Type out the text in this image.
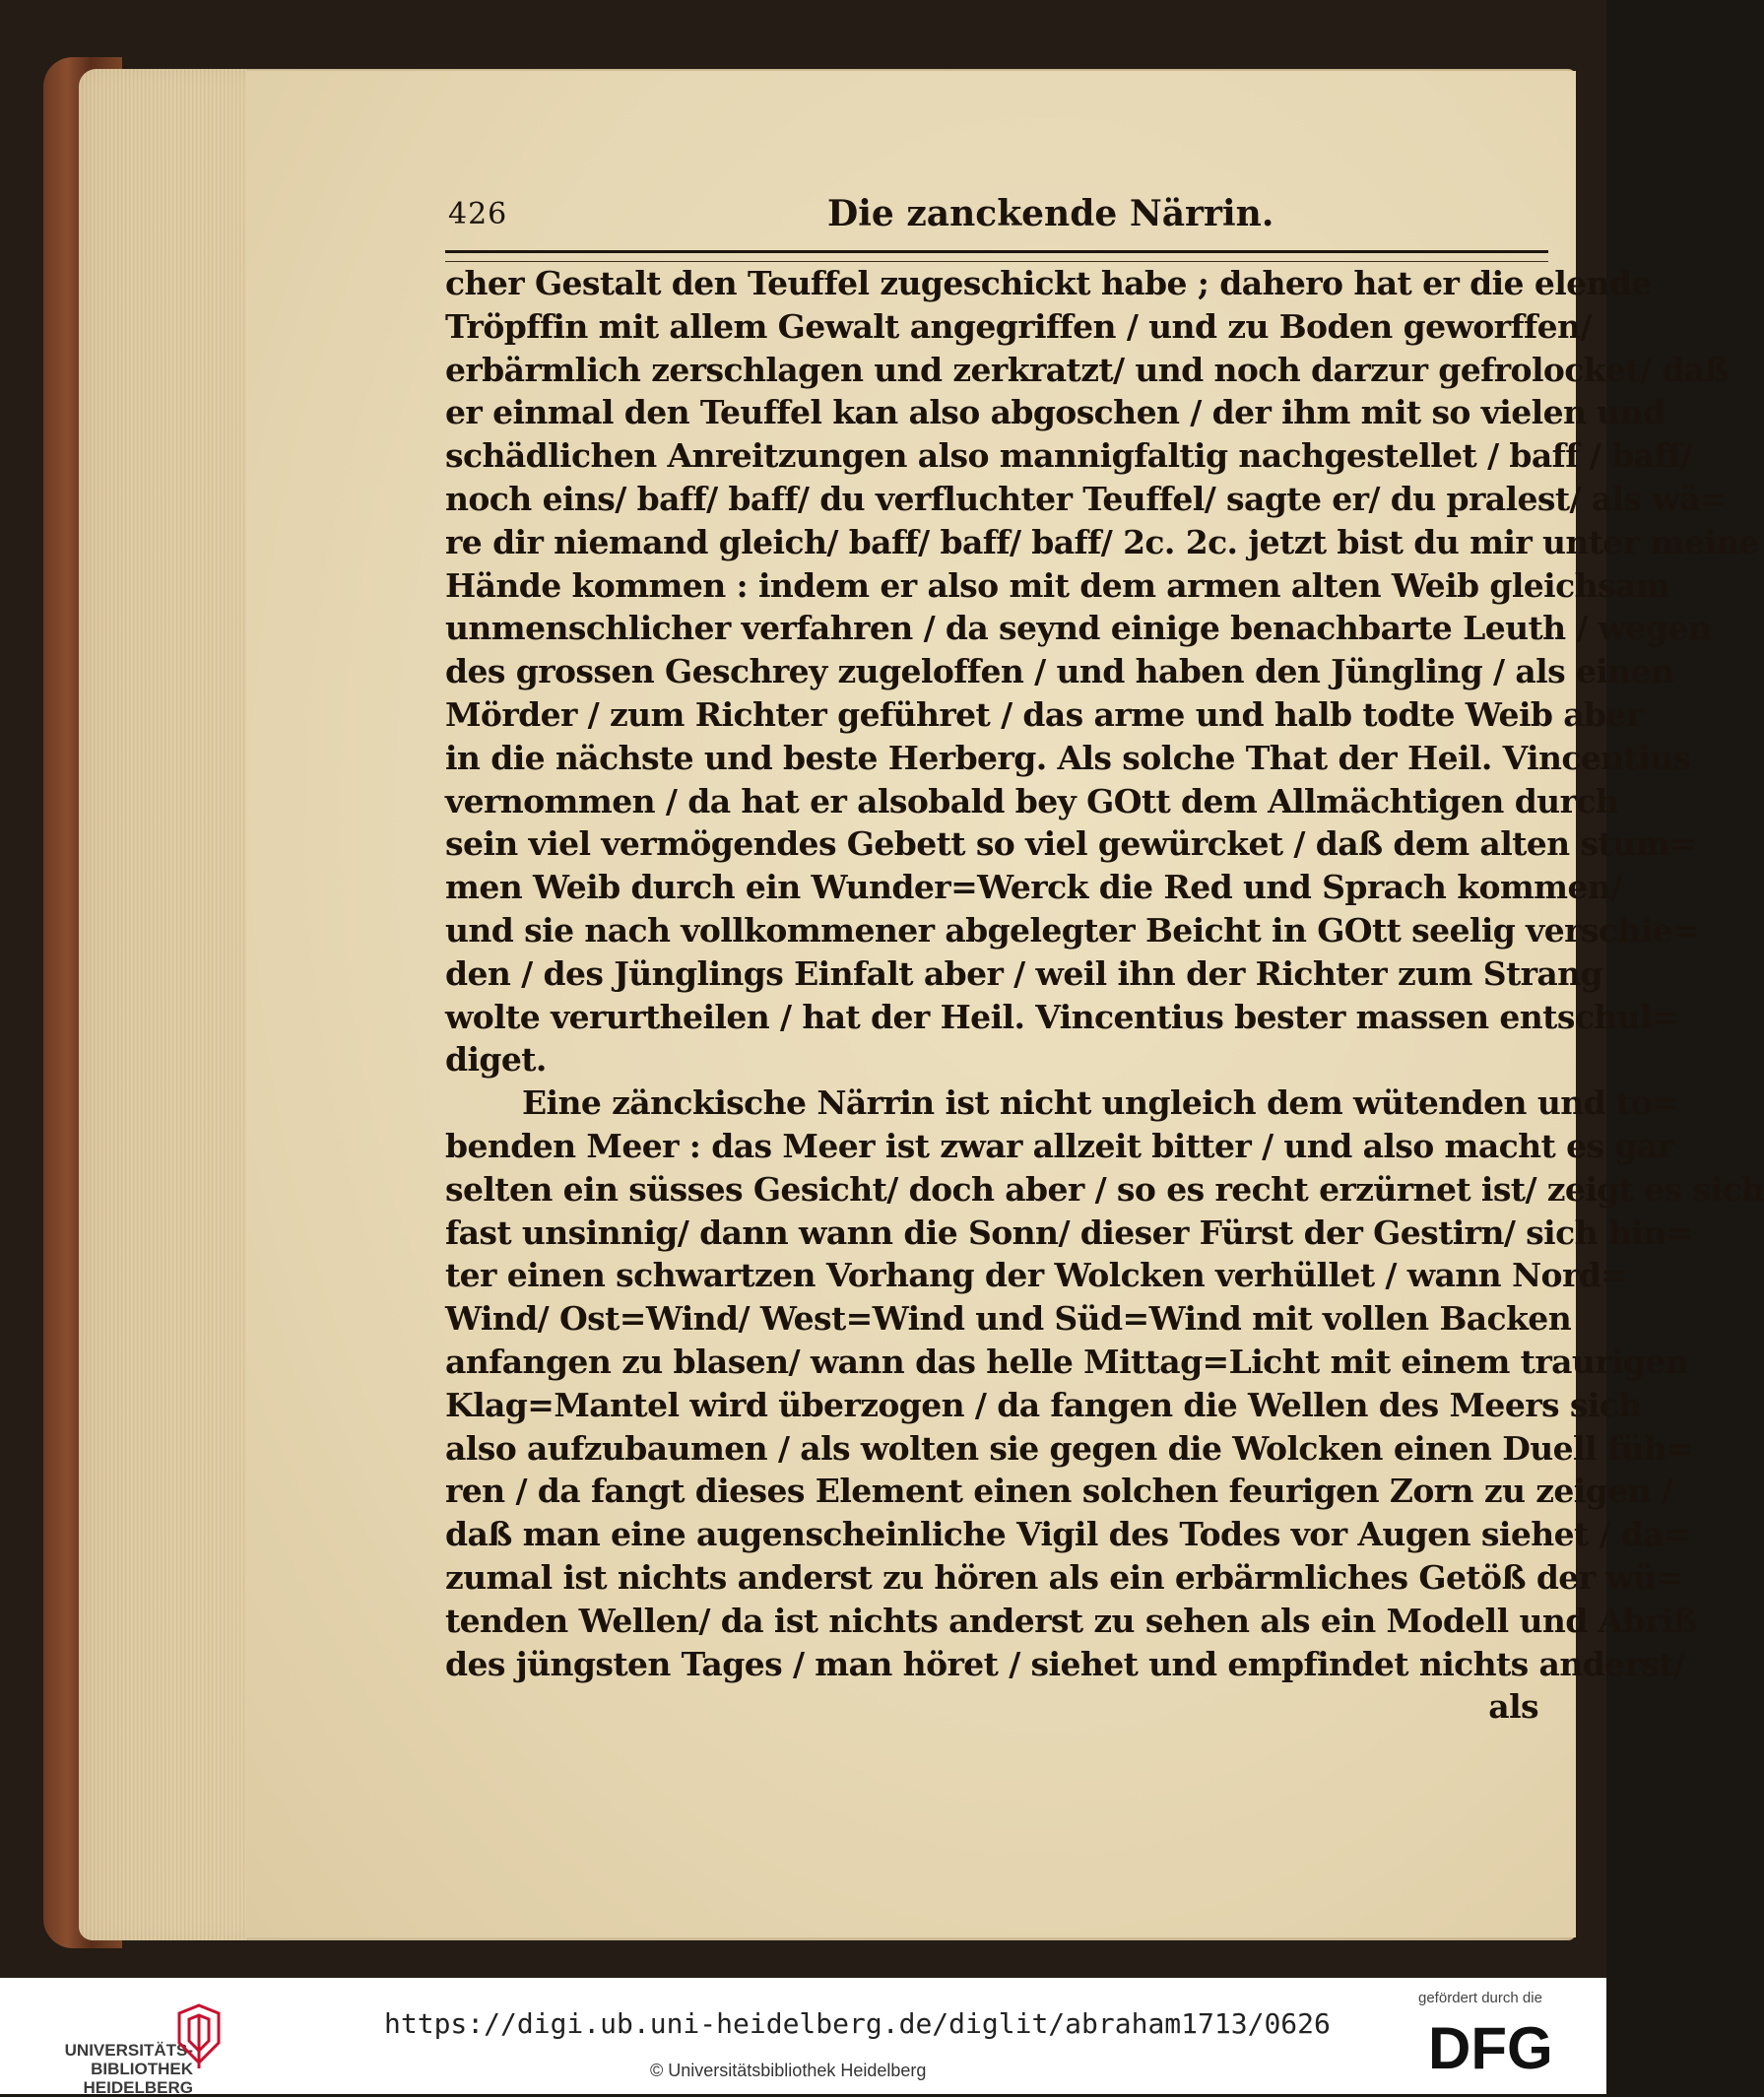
426	Die zanckende Närrin.
cher Gestalt den Teuffel zugeschickt habe ; dahero hat er die elende
Tröpffin mit allem Gewalt angegriffen / und zu Boden geworffen/
erbärmlich zerschlagen und zerkratzt/ und noch darzur gefrolocket/ daß
er einmal den Teuffel kan also abgoschen / der ihm mit so vielen und
schädlichen Anreitzungen also mannigfaltig nachgestellet / baff / baff/
noch eins/ baff/ baff/ du verfluchter Teuffel/ sagte er/ du pralest/ als wä=
re dir niemand gleich/ baff/ baff/ baff/ 2c. 2c. jetzt bist du mir unter meine
Hände kommen : indem er also mit dem armen alten Weib gleichsam
unmenschlicher verfahren / da seynd einige benachbarte Leuth / wegen
des grossen Geschrey zugeloffen / und haben den Jüngling / als einen
Mörder / zum Richter geführet / das arme und halb todte Weib aber
in die nächste und beste Herberg. Als solche That der Heil. Vincentius
vernommen / da hat er alsobald bey GOtt dem Allmächtigen durch
sein viel vermögendes Gebett so viel gewürcket / daß dem alten stum=
men Weib durch ein Wunder=Werck die Red und Sprach kommen/
und sie nach vollkommener abgelegter Beicht in GOtt seelig verschie=
den / des Jünglings Einfalt aber / weil ihn der Richter zum Strang
wolte verurtheilen / hat der Heil. Vincentius bester massen entschul=
diget.
Eine zänckische Närrin ist nicht ungleich dem wütenden und to=
benden Meer : das Meer ist zwar allzeit bitter / und also macht es gar
selten ein süsses Gesicht/ doch aber / so es recht erzürnet ist/ zeigt es sich
fast unsinnig/ dann wann die Sonn/ dieser Fürst der Gestirn/ sich hin=
ter einen schwartzen Vorhang der Wolcken verhüllet / wann Nord=
Wind/ Ost=Wind/ West=Wind und Süd=Wind mit vollen Backen
anfangen zu blasen/ wann das helle Mittag=Licht mit einem traurigen
Klag=Mantel wird überzogen / da fangen die Wellen des Meers sich
also aufzubaumen / als wolten sie gegen die Wolcken einen Duell füh=
ren / da fangt dieses Element einen solchen feurigen Zorn zu zeigen /
daß man eine augenscheinliche Vigil des Todes vor Augen siehet / da=
zumal ist nichts anderst zu hören als ein erbärmliches Getöß der wü=
tenden Wellen/ da ist nichts anderst zu sehen als ein Modell und Abriß
des jüngsten Tages / man höret / siehet und empfindet nichts anderst/
als
UNIVERSITÄTS-
BIBLIOTHEK
HEIDELBERG
https://digi.ub.uni-heidelberg.de/diglit/abraham1713/0626
© Universitätsbibliothek Heidelberg
gefördert durch die
DFG
